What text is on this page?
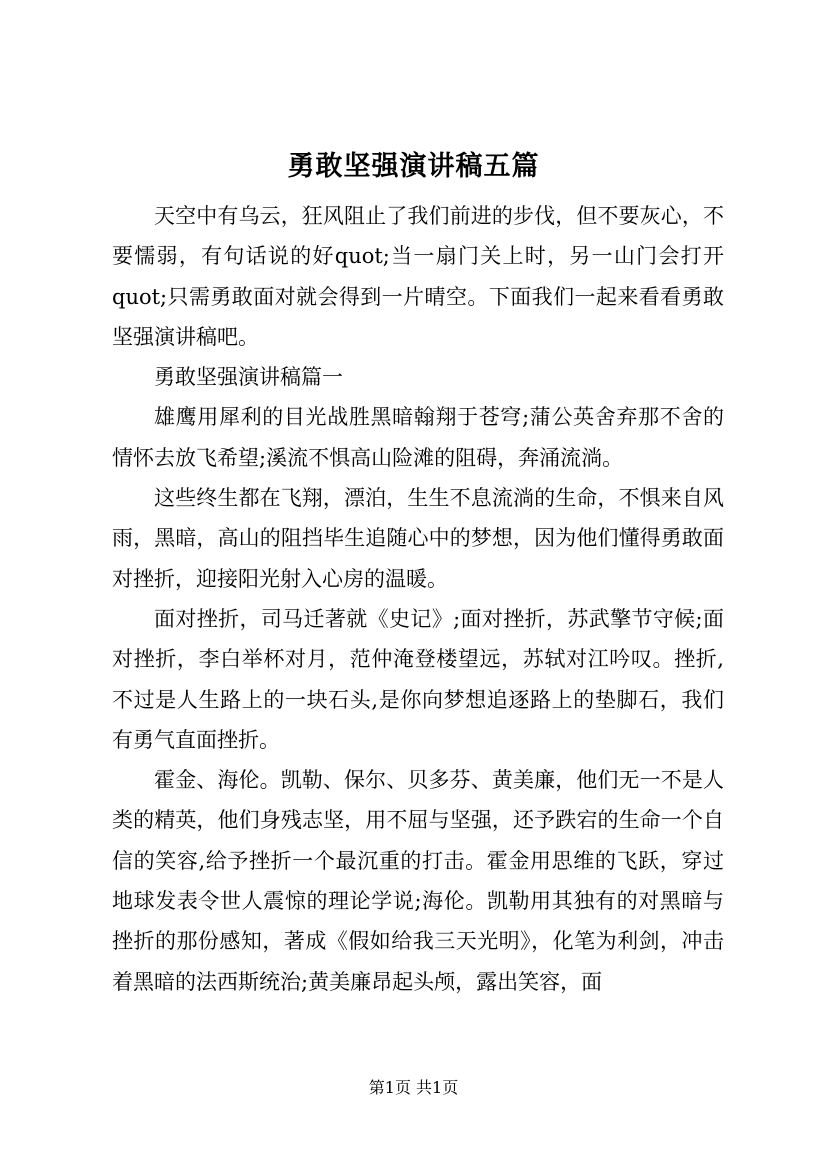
勇敢坚强演讲稿五篇

天空中有乌云，狂风阻止了我们前进的步伐，但不要灰心，不要懦弱，有句话说的好quot;当一扇门关上时，另一山门会打开quot;只需勇敢面对就会得到一片晴空。下面我们一起来看看勇敢坚强演讲稿吧。

勇敢坚强演讲稿篇一

雄鹰用犀利的目光战胜黑暗翰翔于苍穹;蒲公英舍弃那不舍的情怀去放飞希望;溪流不惧高山险滩的阻碍，奔涌流淌。

这些终生都在飞翔，漂泊，生生不息流淌的生命，不惧来自风雨，黑暗，高山的阻挡毕生追随心中的梦想，因为他们懂得勇敢面对挫折，迎接阳光射入心房的温暖。

面对挫折，司马迁著就《史记》;面对挫折，苏武擎节守候;面对挫折，李白举杯对月，范仲淹登楼望远，苏轼对江吟叹。挫折,不过是人生路上的一块石头,是你向梦想追逐路上的垫脚石，我们有勇气直面挫折。

霍金、海伦。凯勒、保尔、贝多芬、黄美廉，他们无一不是人类的精英，他们身残志坚，用不屈与坚强，还予跌宕的生命一个自信的笑容,给予挫折一个最沉重的打击。霍金用思维的飞跃，穿过地球发表令世人震惊的理论学说;海伦。凯勒用其独有的对黑暗与挫折的那份感知，著成《假如给我三天光明》，化笔为利剑，冲击着黑暗的法西斯统治;黄美廉昂起头颅，露出笑容，面

第1页 共1页
